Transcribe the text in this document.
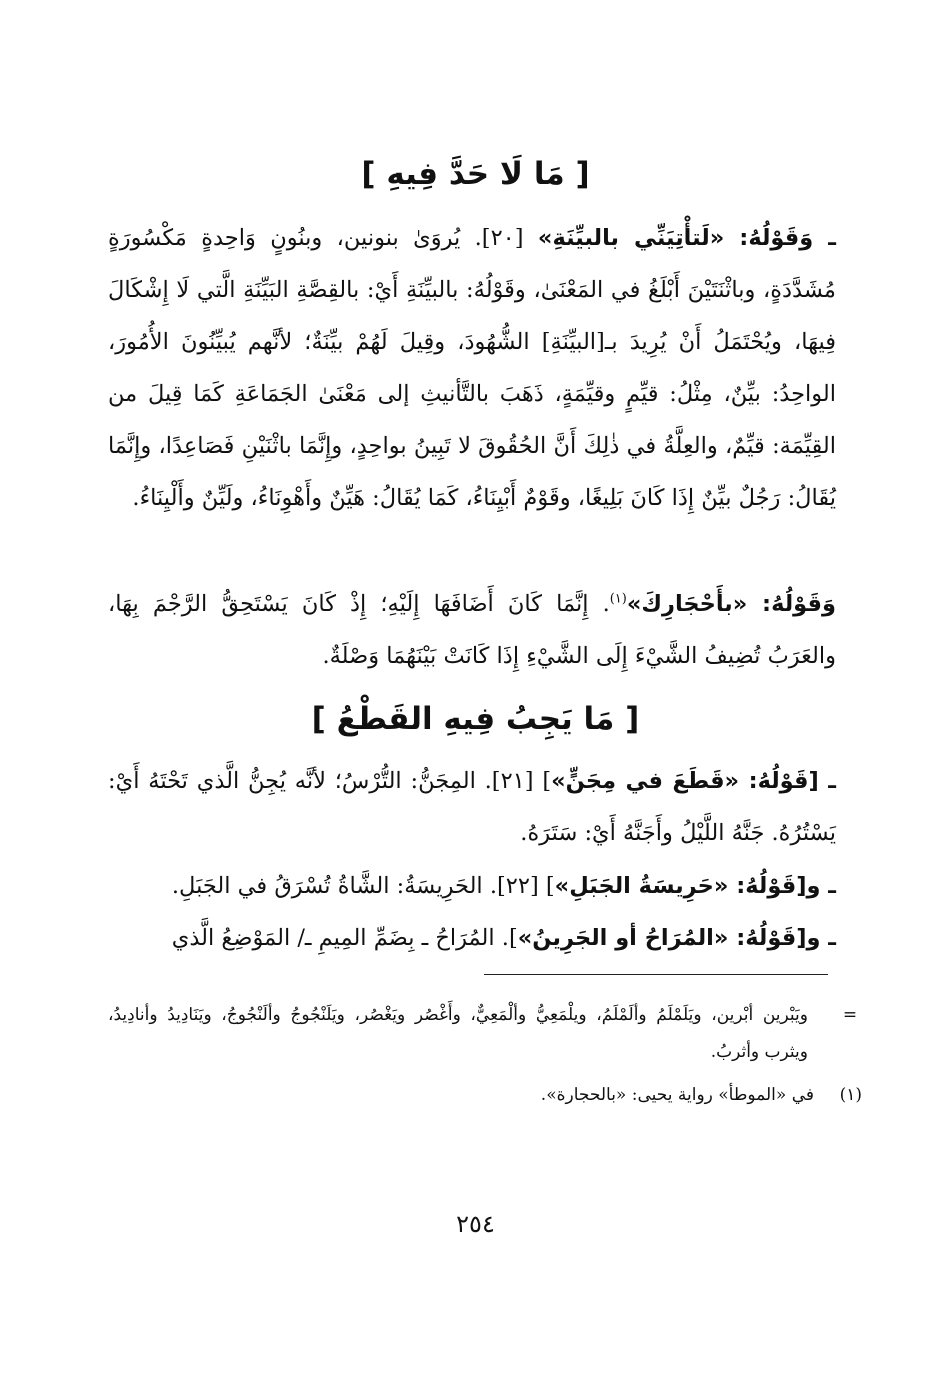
[ مَا لَا حَدَّ فِيهِ ]

ـ وَقَوْلُهُ: «لَتأْتِيَنِّي بالبيِّنَةِ» [٢٠]. يُروَىٰ بنونين، وبنُونٍ وَاحِدةٍ مَكْسُورَةٍ مُشَدَّدَةٍ، وباثْنَتَيْنَ أَبْلَغُ في المَعْنَىٰ، وقَوْلُهُ: بالبيِّنَةِ أَيْ: بالقِصَّةِ البَيِّنَةِ الَّتي لَا إِشْكَالَ فِيهَا، ويُحْتَمَلُ أَنْ يُرِيدَ بـ[البيِّنَةِ] الشُّهُودَ، وقِيلَ لَهُمْ بيِّنَةٌ؛ لأنَّهم يُبيِّنُونَ الأُمُورَ، الواحِدُ: بيِّنٌ، مِثْلُ: قيِّمٍ وقيِّمَةٍ، ذَهَبَ بالتَّأنيثِ إلى مَعْنَىٰ الجَمَاعَةِ كَمَا قِيلَ من القِيِّمَة: قيِّمٌ، والعِلَّةُ في ذٰلِكَ أَنَّ الحُقُوقَ لا تَبِينُ بواحِدٍ، وإِنَّمَا باثْنَيْنِ فَصَاعِدًا، وإِنَّمَا يُقَالُ: رَجُلٌ بيِّنٌ إِذَا كَانَ بَلِيغًا، وقَوْمٌ أَبْيِنَاءُ، كَمَا يُقَالُ: هَيِّنٌ وأَهْوِنَاءُ، ولَيِّنٌ وأَلْيِنَاءُ.

وَقَوْلُهُ: «بأَحْجَارِكَ»$^{(١)}$. إِنَّمَا كَانَ أَضَافَهَا إِلَيْهِ؛ إِذْ كَانَ يَسْتَحِقُّ الرَّجْمَ بِهَا، والعَرَبُ تُضِيفُ الشَّيْءَ إِلَى الشَّيْءِ إِذَا كَانَتْ بَيْنَهُمَا وَصْلَةٌ.

[ مَا يَجِبُ فِيهِ القَطْعُ ]

ـ [قَوْلُهُ: «قَطَعَ في مِجَنٍّ»] [٢١]. المِجَنُّ: التُّرْسُ؛ لأنَّه يُجِنُّ الَّذي تَحْتَهُ أَيْ: يَسْتُرُهُ. جَنَّهُ اللَّيْلُ وأَجَنَّهُ أَيْ: سَتَرَهُ.

ـ و[قَوْلُهُ: «حَرِيسَةُ الجَبَلِ»] [٢٢]. الحَرِيسَةُ: الشَّاةُ تُسْرَقُ في الجَبَلِ.

ـ و[قَوْلُهُ: «المُرَاحُ أو الجَرِينُ»]. المُرَاحُ ـ بِضَمِّ المِيمِ ـ/ المَوْضِعُ الَّذي

=
ويَبْرين أبْرين، ويَلَمْلَمُ وألَمْلَمُ، ويلْمَعِيُّ وألْمَعِيٌّ، وأَغْصُر ويَغْصُر، ويَلَنْجُوجُ وألَنْجُوجُ، ويَنَادِيدُ وأنادِيدُ، ويثرب وأثربُ.
(١)في «الموطأ» رواية يحيى: «بالحجارة».
٢٥٤
